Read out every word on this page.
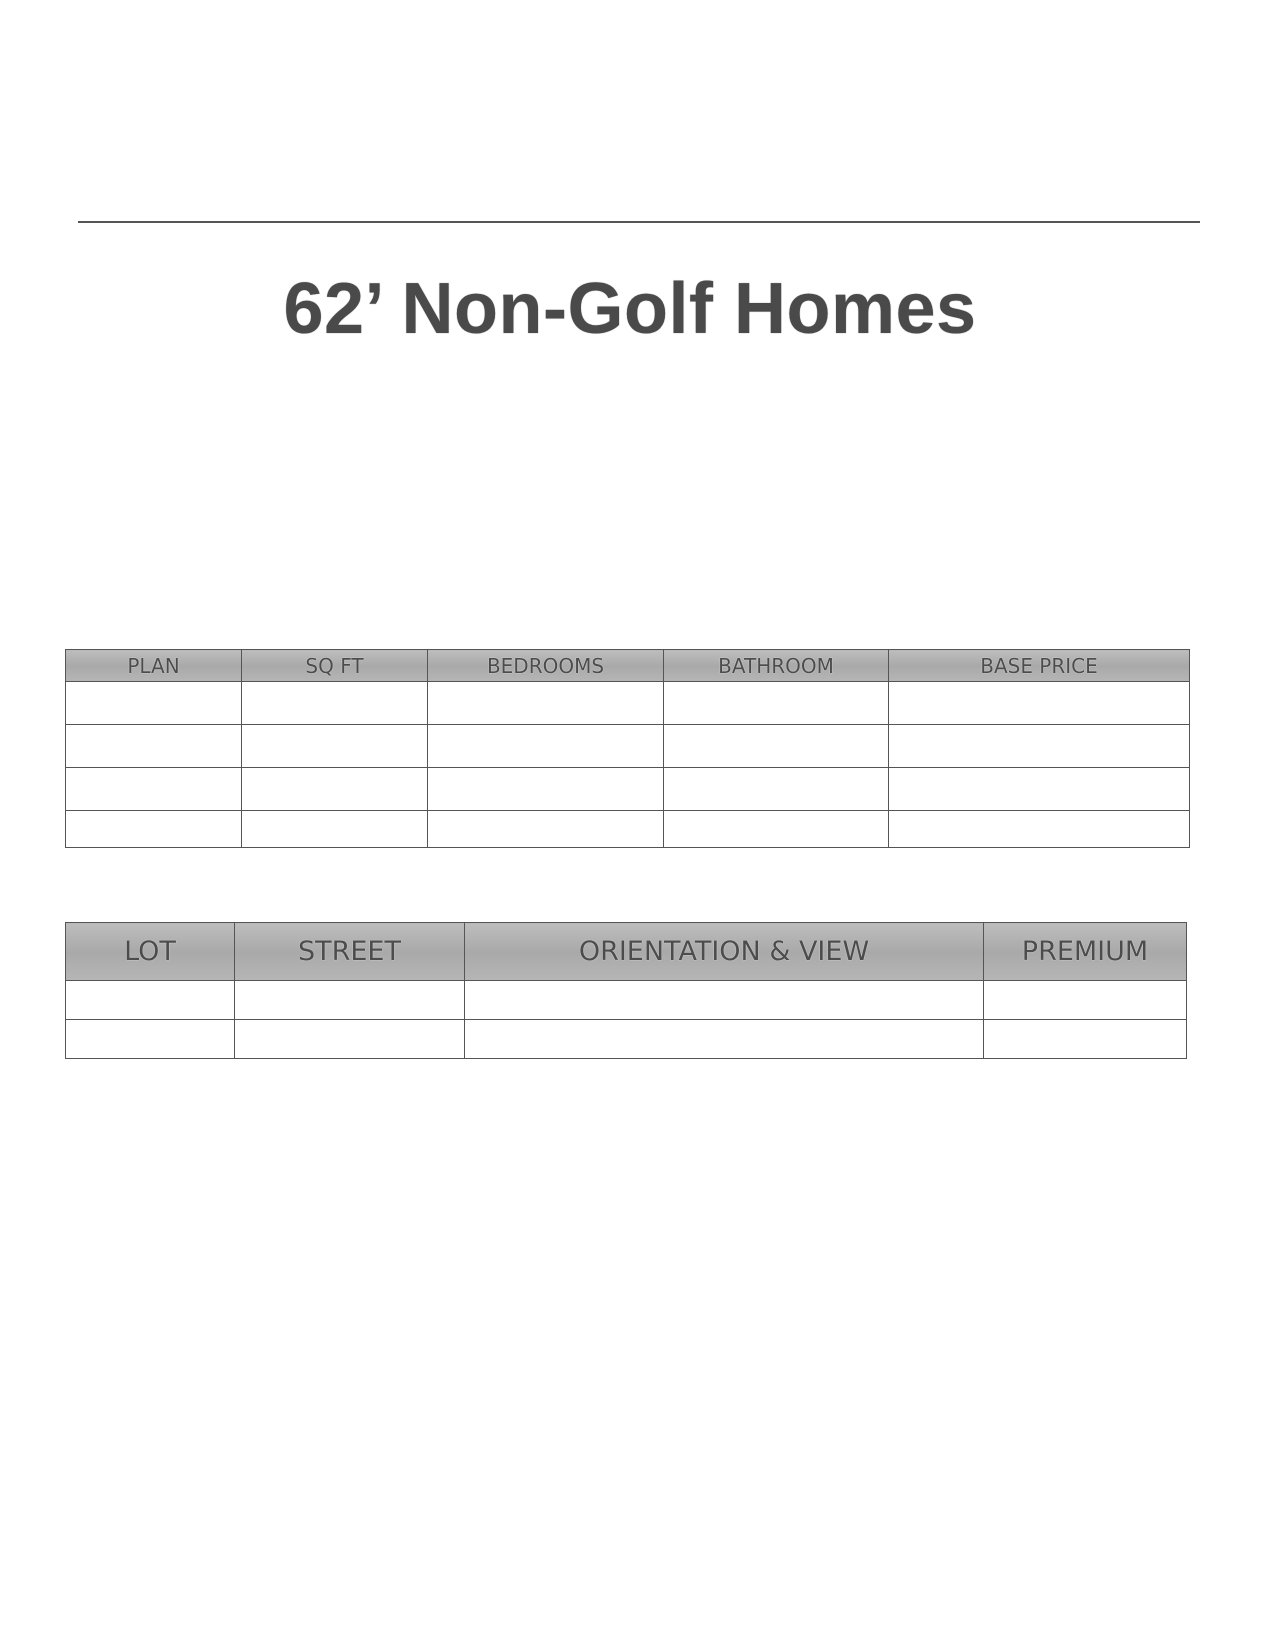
62’ Non-Golf Homes
PLAN	SQ FT	BEDROOMS	BATHROOM	BASE PRICE

LOT	STREET	ORIENTATION & VIEW	PREMIUM
